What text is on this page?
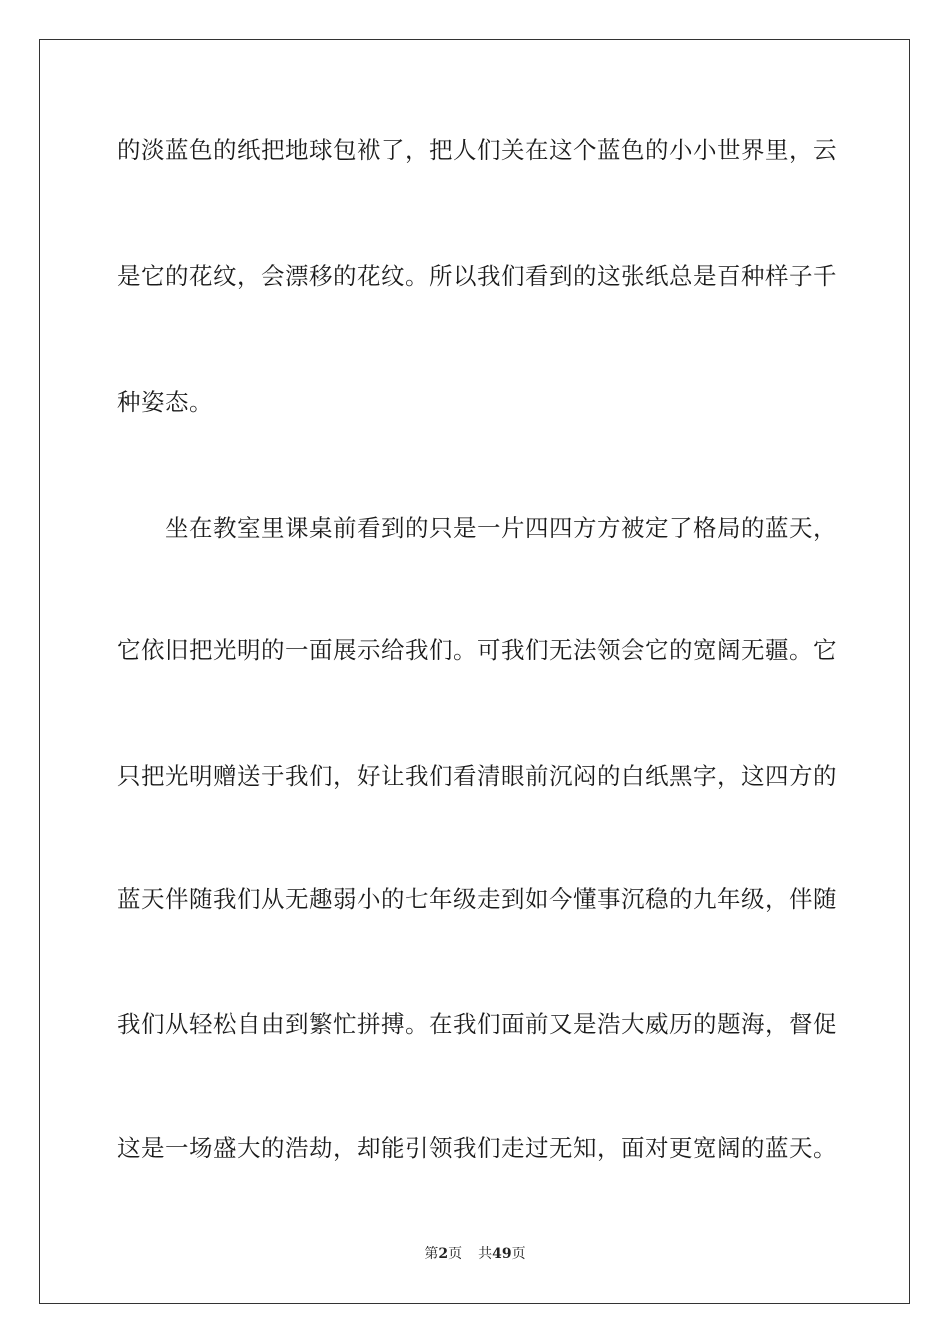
的淡蓝色的纸把地球包袱了，把人们关在这个蓝色的小小世界里，云
是它的花纹，会漂移的花纹。所以我们看到的这张纸总是百种样子千
种姿态。
坐在教室里课桌前看到的只是一片四四方方被定了格局的蓝天，
它依旧把光明的一面展示给我们。可我们无法领会它的宽阔无疆。它
只把光明赠送于我们，好让我们看清眼前沉闷的白纸黑字，这四方的
蓝天伴随我们从无趣弱小的七年级走到如今懂事沉稳的九年级，伴随
我们从轻松自由到繁忙拼搏。在我们面前又是浩大威历的题海，督促
这是一场盛大的浩劫，却能引领我们走过无知，面对更宽阔的蓝天。
第2页 共49页
